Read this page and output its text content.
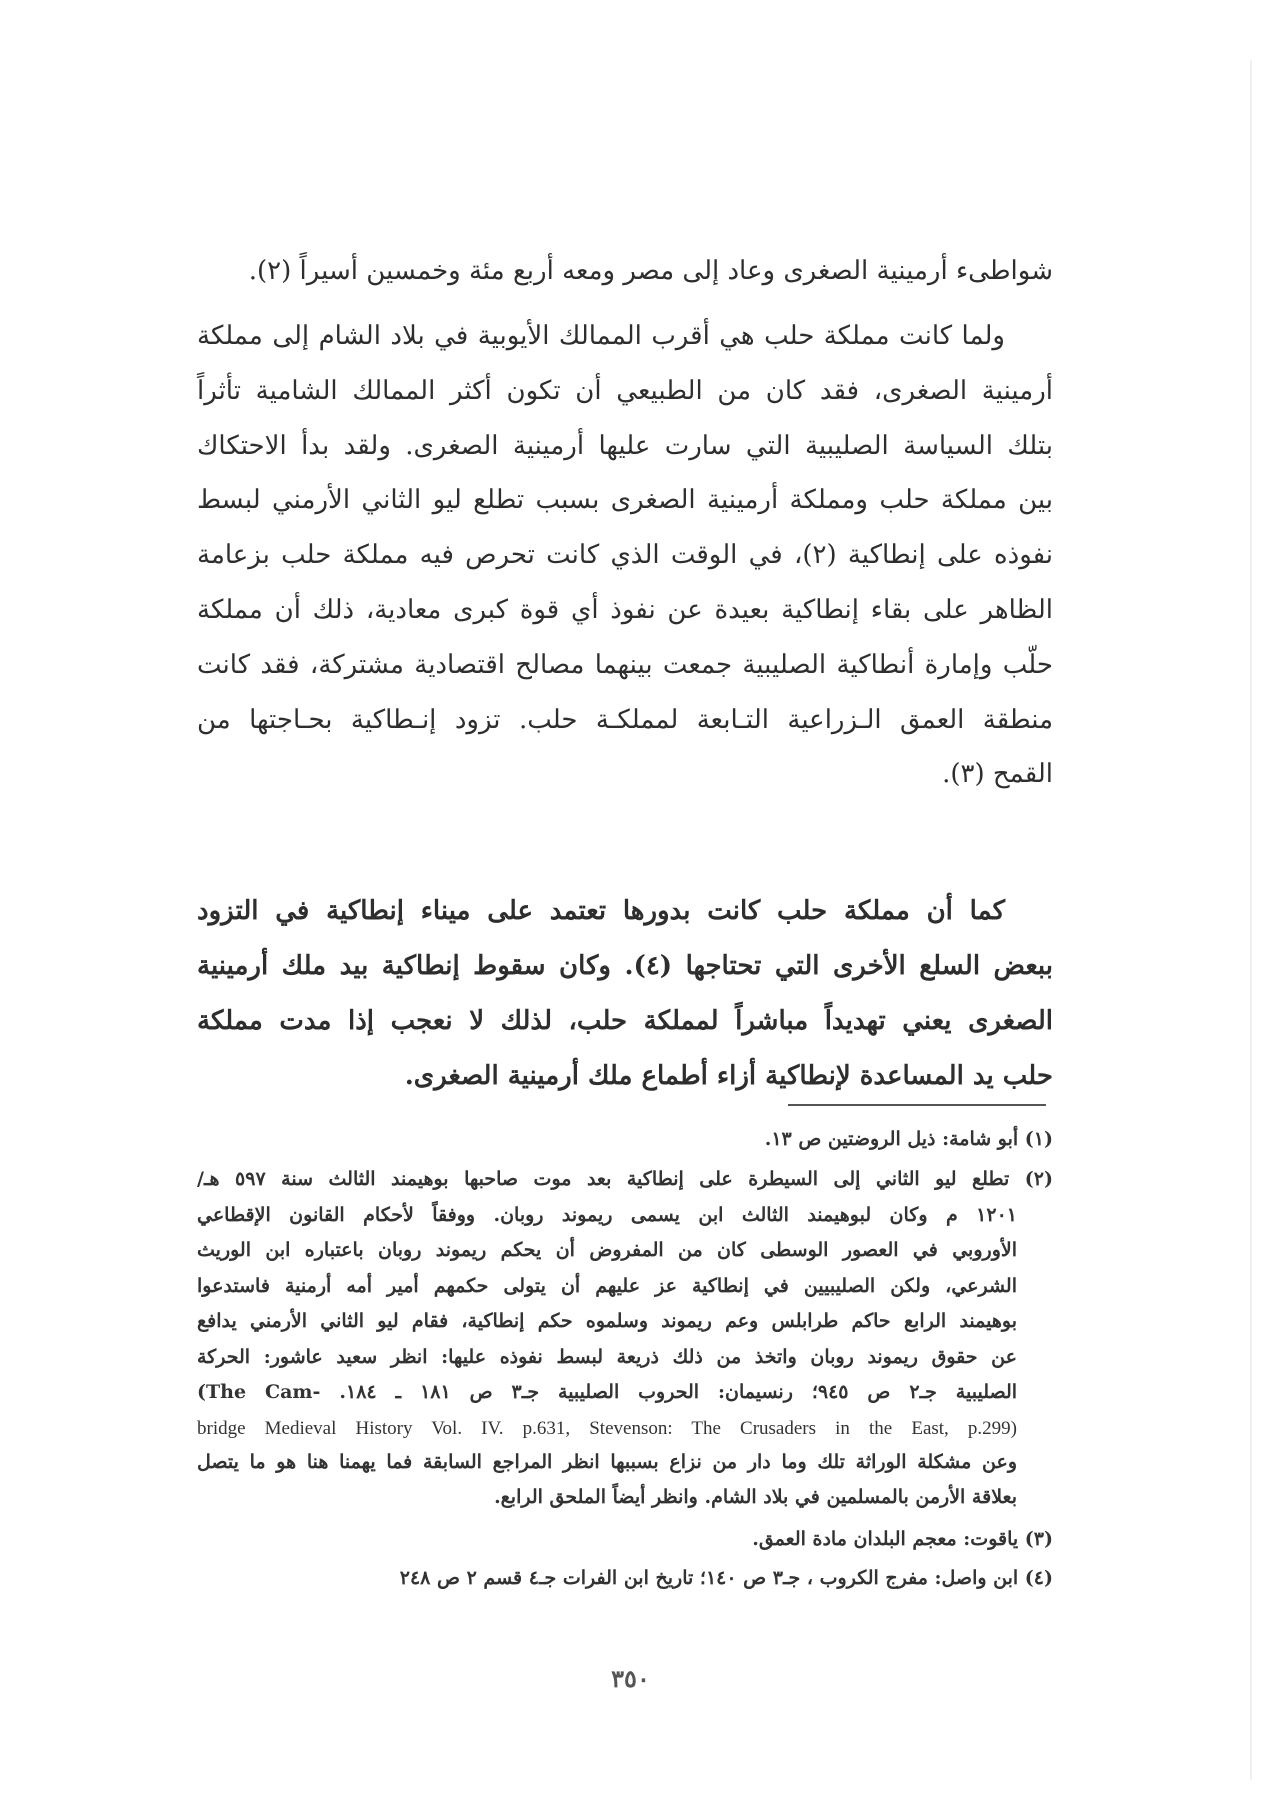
شواطىء أرمينية الصغرى وعاد إلى مصر ومعه أربع مئة وخمسين أسيراً (٢).
ولما كانت مملكة حلب هي أقرب الممالك الأيوبية في بلاد الشام إلى مملكة
أرمينية الصغرى، فقد كان من الطبيعي أن تكون أكثر الممالك الشامية تأثراً
بتلك السياسة الصليبية التي سارت عليها أرمينية الصغرى. ولقد بدأ الاحتكاك
بين مملكة حلب ومملكة أرمينية الصغرى بسبب تطلع ليو الثاني الأرمني لبسط
نفوذه على إنطاكية (٢)، في الوقت الذي كانت تحرص فيه مملكة حلب بزعامة
الظاهر على بقاء إنطاكية بعيدة عن نفوذ أي قوة كبرى معادية، ذلك أن مملكة
حلّب وإمارة أنطاكية الصليبية جمعت بينهما مصالح اقتصادية مشتركة، فقد كانت
منطقة العمق الـزراعية التـابعة لمملكـة حلب. تزود إنـطاكية بحـاجتها من
القمح (٣).
كما أن مملكة حلب كانت بدورها تعتمد على ميناء إنطاكية في التزود
ببعض السلع الأخرى التي تحتاجها (٤). وكان سقوط إنطاكية بيد ملك أرمينية
الصغرى يعني تهديداً مباشراً لمملكة حلب، لذلك لا نعجب إذا مدت مملكة
حلب يد المساعدة لإنطاكية أزاء أطماع ملك أرمينية الصغرى.
(١) أبو شامة: ذيل الروضتين ص ١٣.
(٢) تطلع ليو الثاني إلى السيطرة على إنطاكية بعد موت صاحبها بوهيمند الثالث سنة ٥٩٧ هـ/
١٢٠١ م وكان لبوهيمند الثالث ابن يسمى ريموند روبان. ووفقاً لأحكام القانون الإقطاعي
الأوروبي في العصور الوسطى كان من المفروض أن يحكم ريموند روبان باعتباره ابن الوريث
الشرعي، ولكن الصليبيين في إنطاكية عز عليهم أن يتولى حكمهم أمير أمه أرمنية فاستدعوا
بوهيمند الرابع حاكم طرابلس وعم ريموند وسلموه حكم إنطاكية، فقام ليو الثاني الأرمني يدافع
عن حقوق ريموند روبان واتخذ من ذلك ذريعة لبسط نفوذه عليها: انظر سعيد عاشور: الحركة
الصليبية جـ٢ ص ٩٤٥؛ رنسيمان: الحروب الصليبية جـ٣ ص ١٨١ ـ ١٨٤. -The Cam)
bridge Medieval History Vol. IV. p.631, Stevenson: The Crusaders in the East, p.299)
وعن مشكلة الوراثة تلك وما دار من نزاع بسببها انظر المراجع السابقة فما يهمنا هنا هو ما يتصل
بعلاقة الأرمن بالمسلمين في بلاد الشام. وانظر أيضاً الملحق الرابع.
(٣) ياقوت: معجم البلدان مادة العمق.
(٤) ابن واصل: مفرج الكروب ، جـ٣ ص ١٤٠؛ تاريخ ابن الفرات جـ٤ قسم ٢ ص ٢٤٨
٣٥٠
